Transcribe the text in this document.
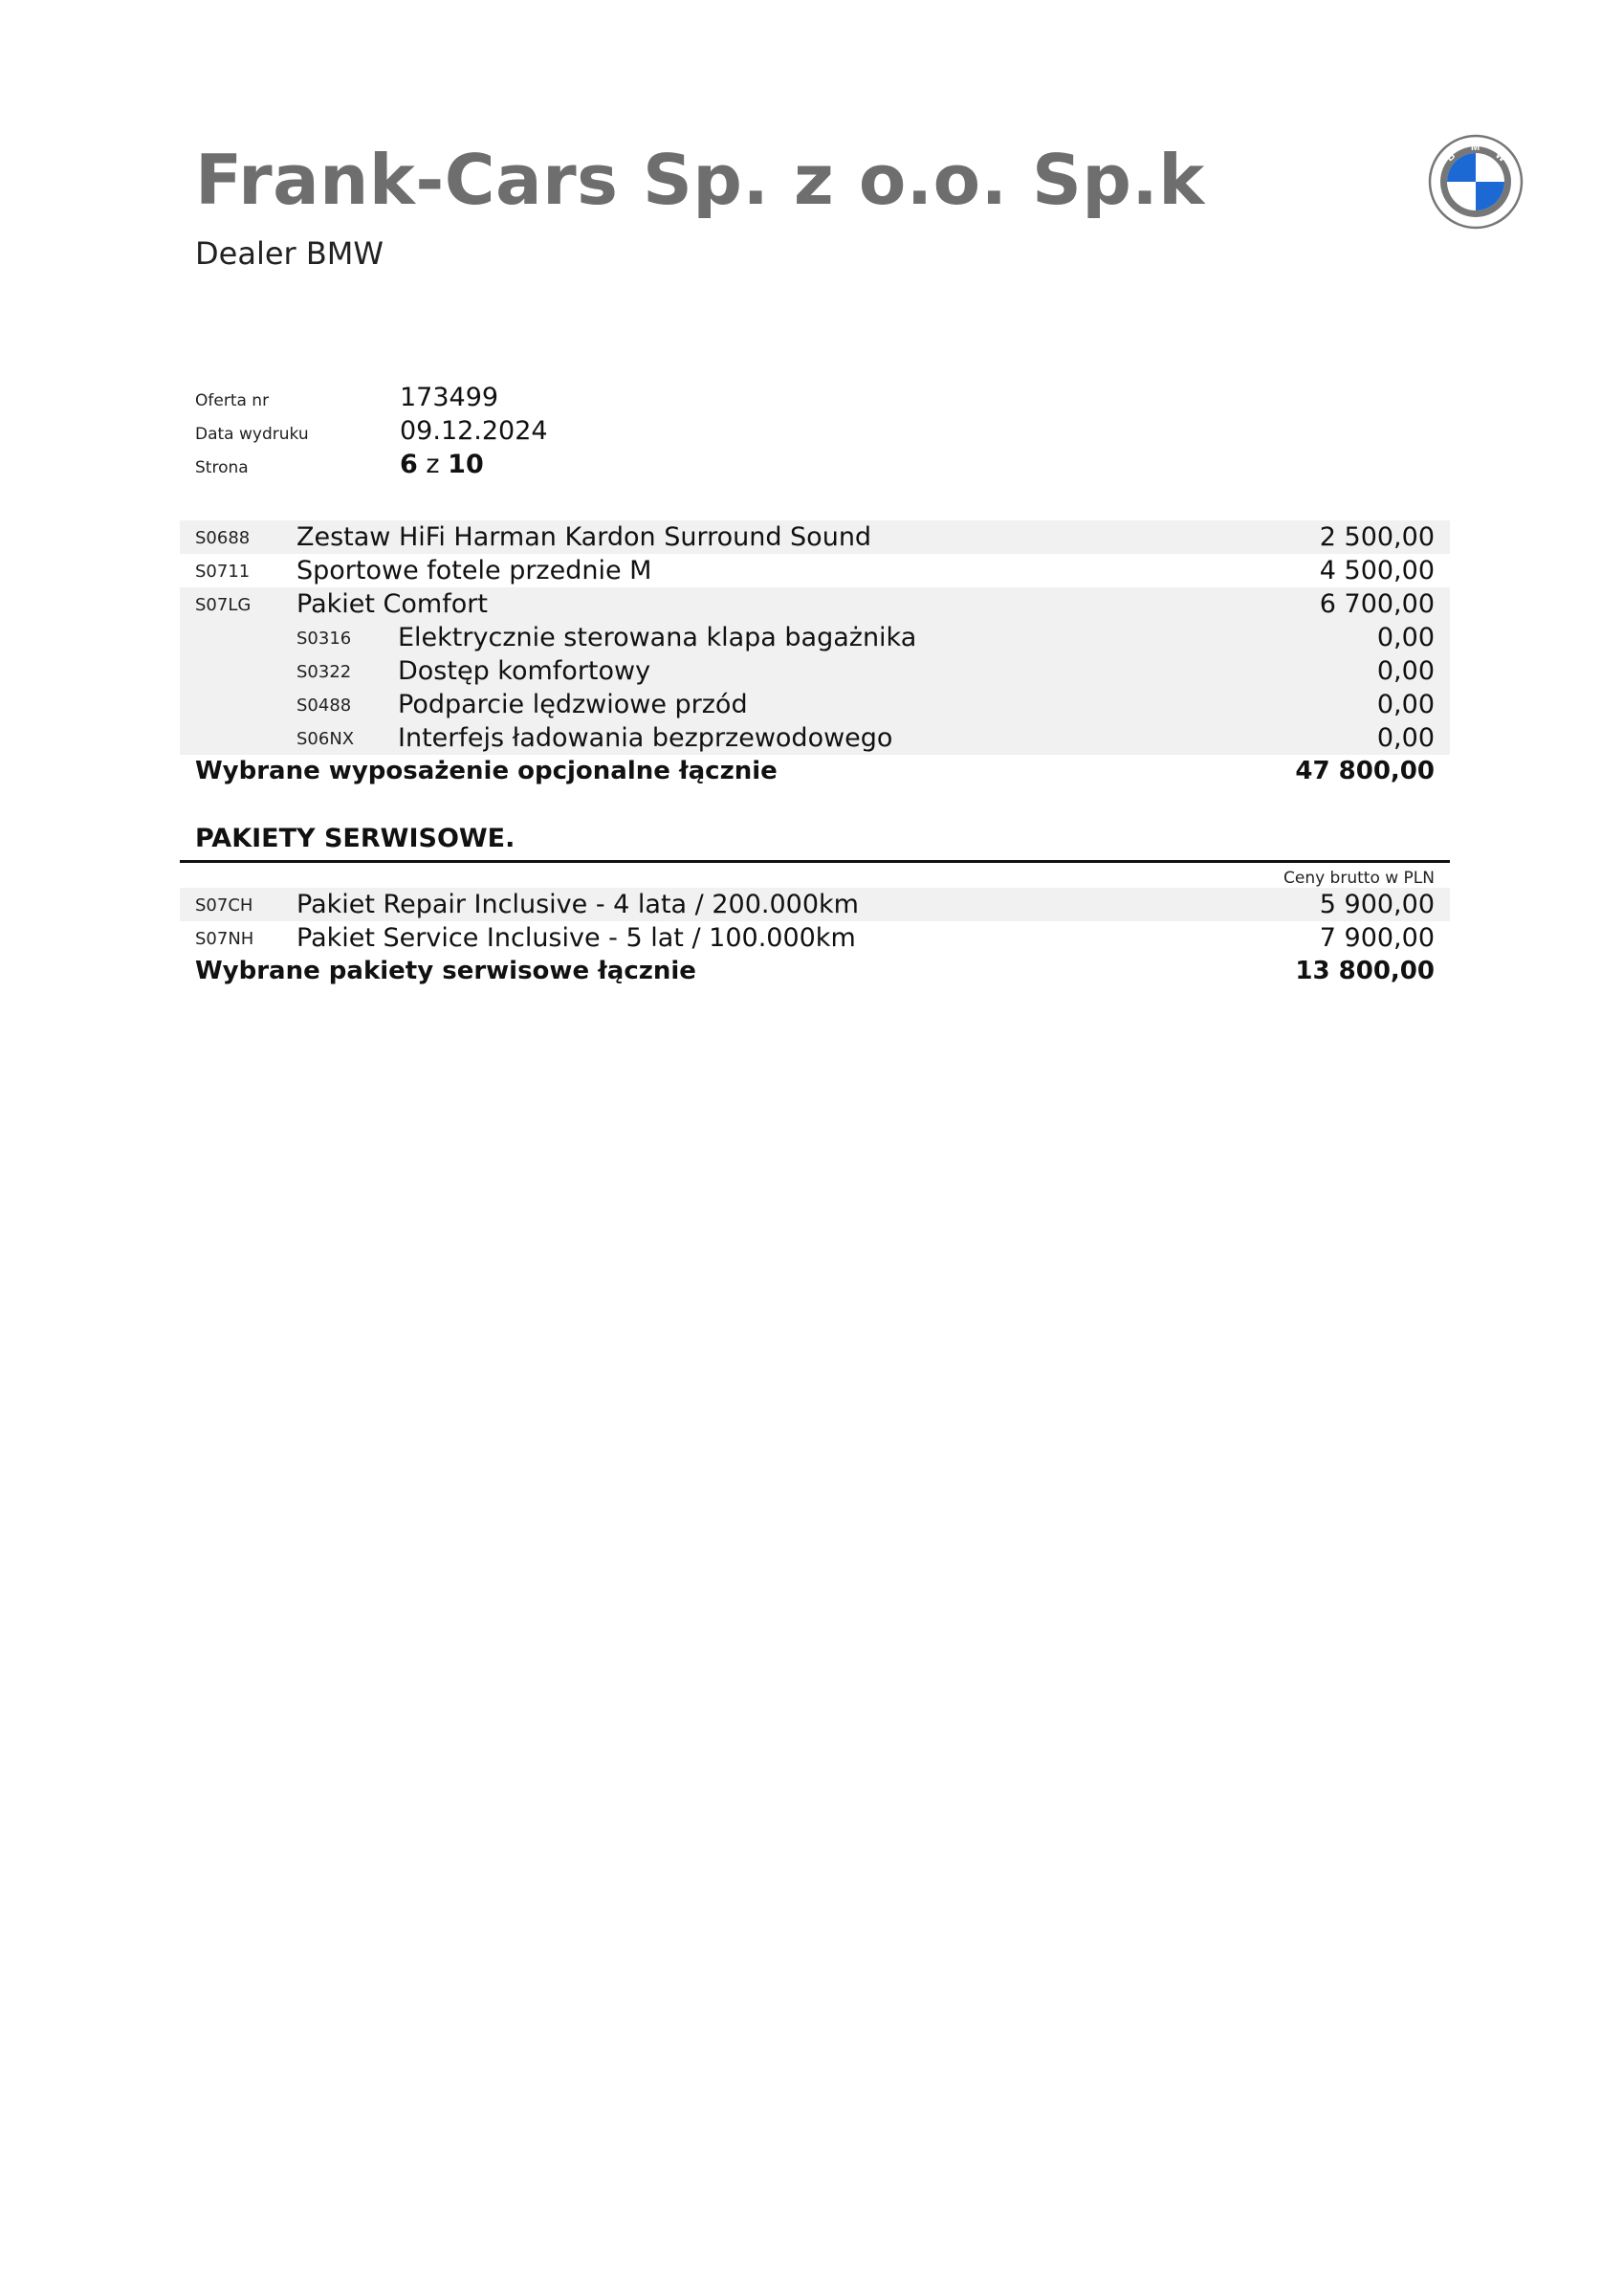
Frank-Cars Sp. z o.o. Sp.k
Dealer BMW
B
M
W
Oferta nr	173499
Data wydruku	09.12.2024
Strona	6 z 10
S0688 Zestaw HiFi Harman Kardon Surround Sound	2 500,00
S0711 Sportowe fotele przednie M	4 500,00
S07LG Pakiet Comfort	6 700,00
S0316 Elektrycznie sterowana klapa bagażnika	0,00
S0322 Dostęp komfortowy	0,00
S0488 Podparcie lędzwiowe przód	0,00
S06NX Interfejs ładowania bezprzewodowego	0,00
Wybrane wyposażenie opcjonalne łącznie	47 800,00
PAKIETY SERWISOWE.
Ceny brutto w PLN
S07CH Pakiet Repair Inclusive - 4 lata / 200.000km	5 900,00
S07NH Pakiet Service Inclusive - 5 lat / 100.000km	7 900,00
Wybrane pakiety serwisowe łącznie	13 800,00
